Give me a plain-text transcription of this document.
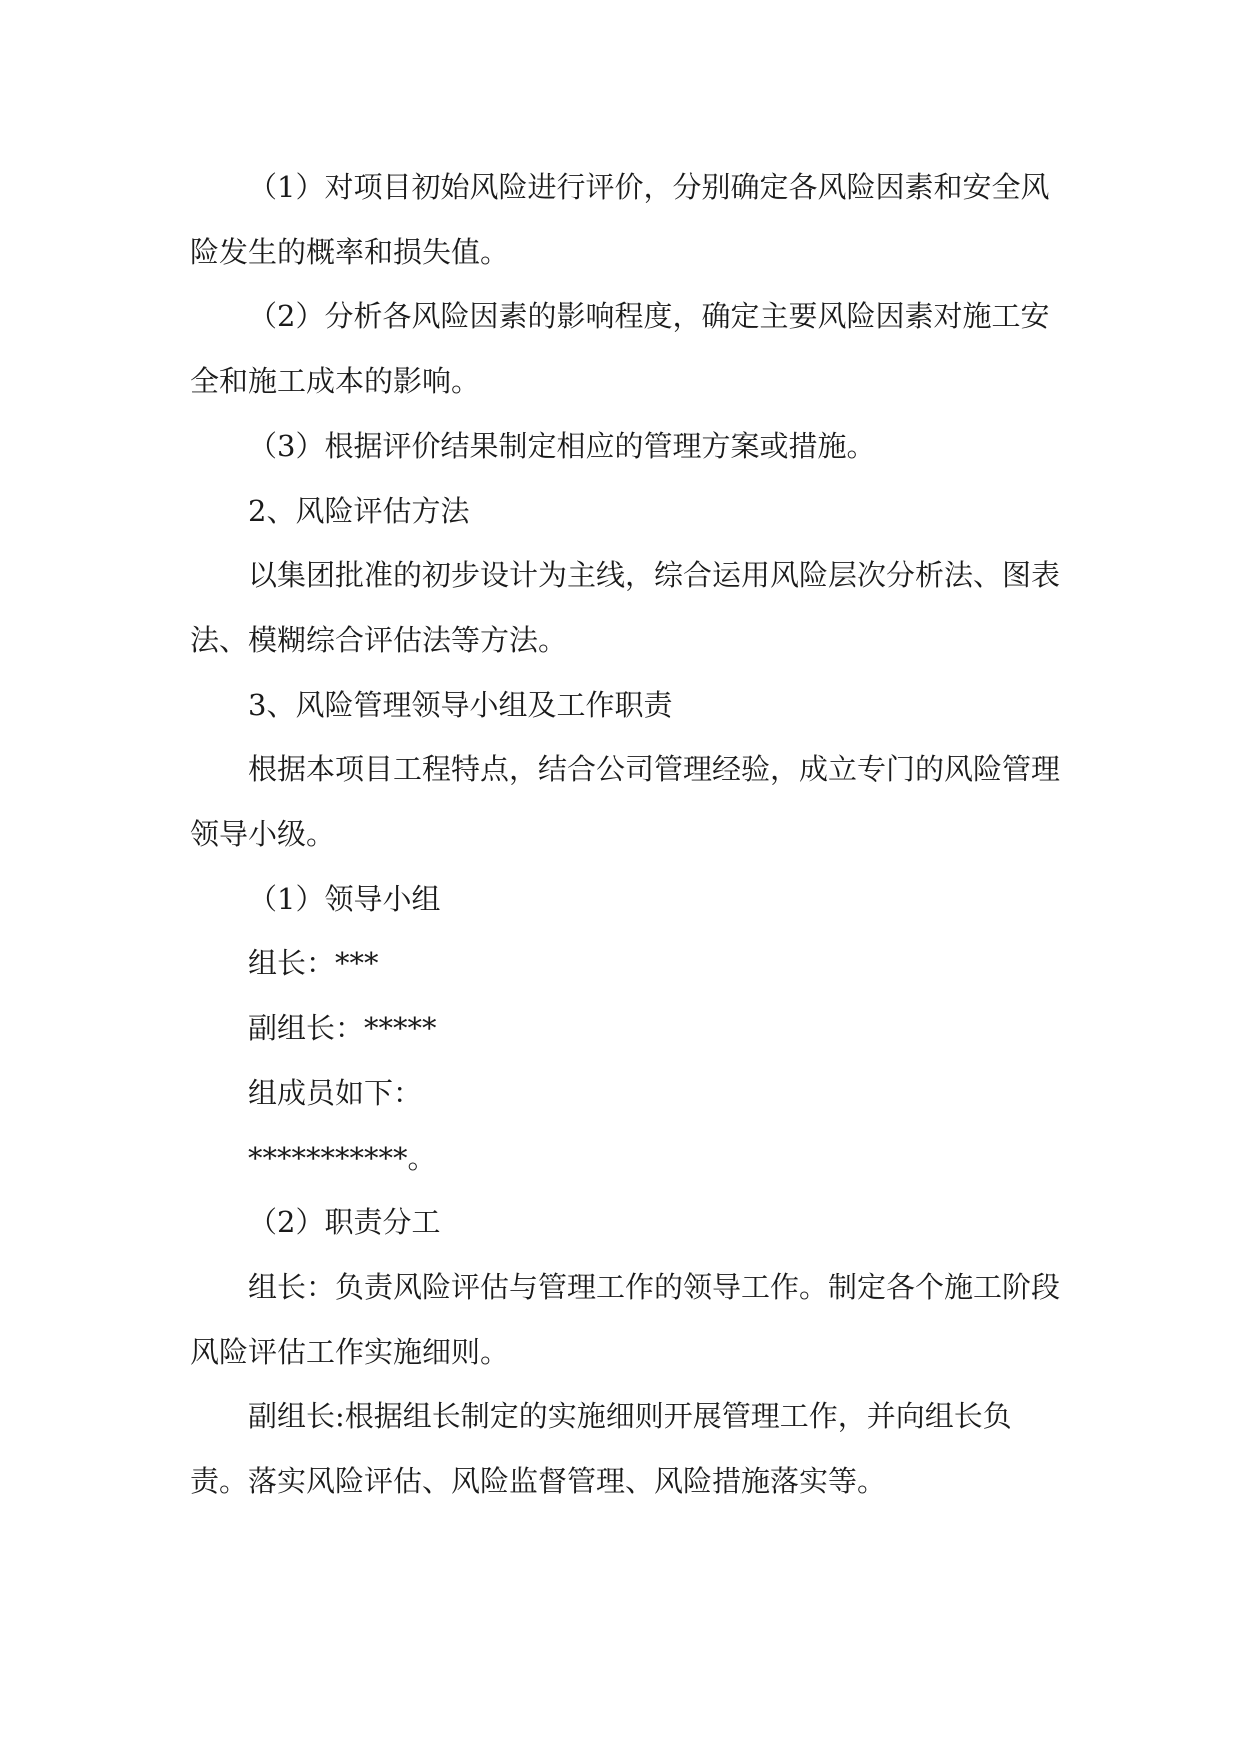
（1）对项目初始风险进行评价，分别确定各风险因素和安全风险发生的概率和损失值。

（2）分析各风险因素的影响程度，确定主要风险因素对施工安全和施工成本的影响。

（3）根据评价结果制定相应的管理方案或措施。

2、风险评估方法

以集团批准的初步设计为主线，综合运用风险层次分析法、图表法、模糊综合评估法等方法。

3、风险管理领导小组及工作职责

根据本项目工程特点，结合公司管理经验，成立专门的风险管理领导小级。

（1）领导小组

组长：***

副组长：*****

组成员如下：

***********。

（2）职责分工

组长：负责风险评估与管理工作的领导工作。制定各个施工阶段风险评估工作实施细则。

副组长:根据组长制定的实施细则开展管理工作，并向组长负责。落实风险评估、风险监督管理、风险措施落实等。
